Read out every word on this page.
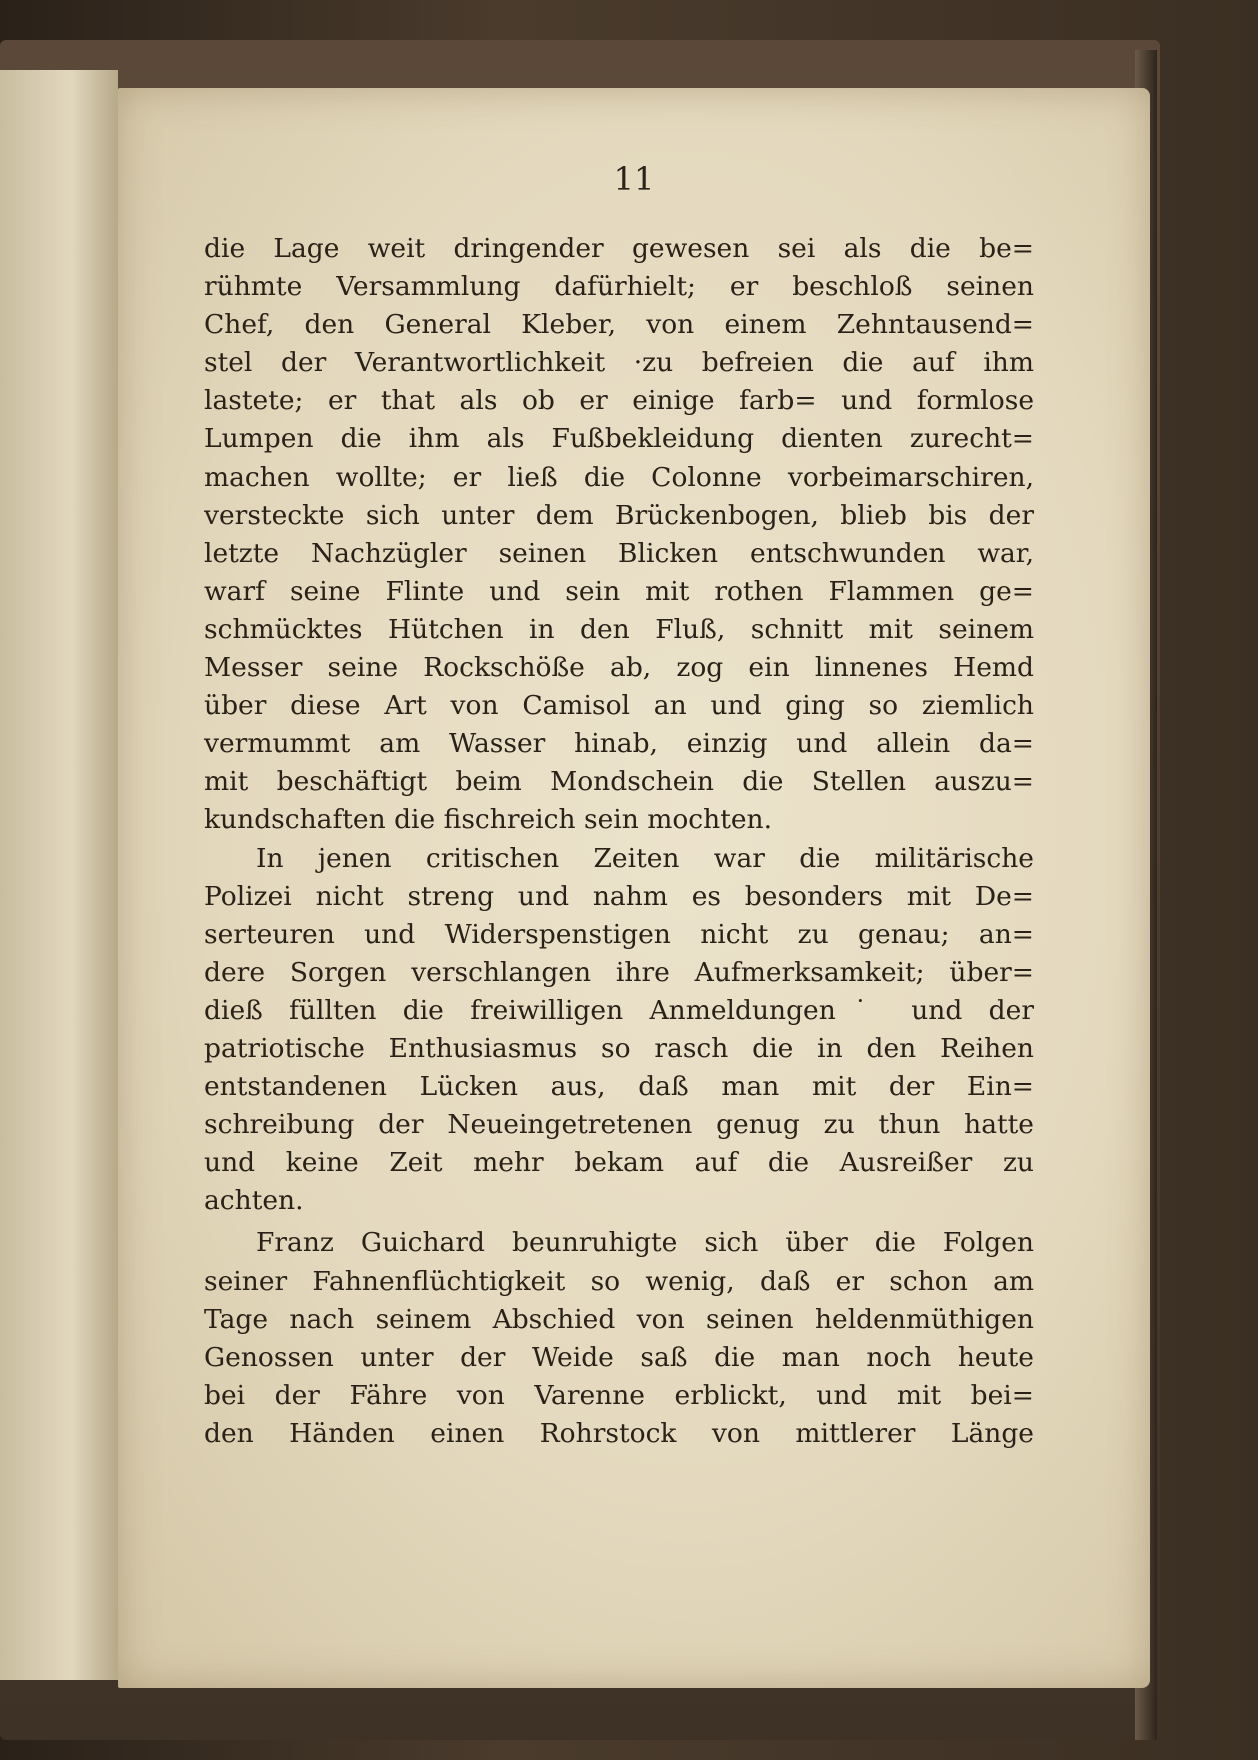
11
die Lage weit dringender gewesen sei als die be=
rühmte Versammlung dafürhielt; er beschloß seinen
Chef, den General Kleber, von einem Zehntausend=
stel der Verantwortlichkeit ·zu befreien die auf ihm
lastete; er that als ob er einige farb= und formlose
Lumpen die ihm als Fußbekleidung dienten zurecht=
machen wollte; er ließ die Colonne vorbeimarschiren,
versteckte sich unter dem Brückenbogen, blieb bis der
letzte Nachzügler seinen Blicken entschwunden war,
warf seine Flinte und sein mit rothen Flammen ge=
schmücktes Hütchen in den Fluß, schnitt mit seinem
Messer seine Rockschöße ab, zog ein linnenes Hemd
über diese Art von Camisol an und ging so ziemlich
vermummt am Wasser hinab, einzig und allein da=
mit beschäftigt beim Mondschein die Stellen auszu=
kundschaften die fischreich sein mochten.
In jenen critischen Zeiten war die militärische
Polizei nicht streng und nahm es besonders mit De=
serteuren und Widerspenstigen nicht zu genau; an=
dere Sorgen verschlangen ihre Aufmerksamkeit; über=
dieß füllten die freiwilligen Anmeldungen˙ und der
patriotische Enthusiasmus so rasch die in den Reihen
entstandenen Lücken aus, daß man mit der Ein=
schreibung der Neueingetretenen genug zu thun hatte
und keine Zeit mehr bekam auf die Ausreißer zu
achten.
Franz Guichard beunruhigte sich über die Folgen
seiner Fahnenflüchtigkeit so wenig, daß er schon am
Tage nach seinem Abschied von seinen heldenmüthigen
Genossen unter der Weide saß die man noch heute
bei der Fähre von Varenne erblickt, und mit bei=
den Händen einen Rohrstock von mittlerer Länge
